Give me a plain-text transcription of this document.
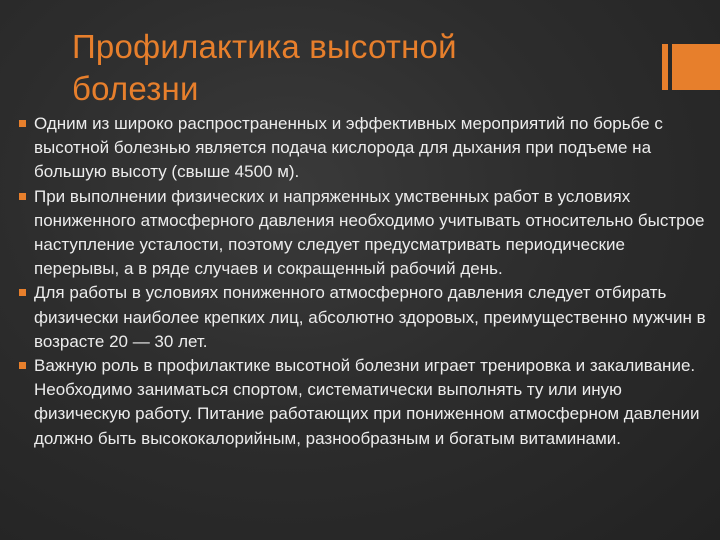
Профилактика высотной
болезни

Одним из широко распространенных и эффективных мероприятий по борьбе с высотной болезнью является подача кислорода для дыхания при подъеме на большую высоту (свыше 4500 м).

При выполнении физических и напряженных умственных работ в условиях пониженного атмосферного давления необходимо учитывать относительно быстрое наступление усталости, поэтому следует предусматривать периодические перерывы, а в ряде случаев и сокращенный рабочий день.

Для работы в условиях пониженного атмосферного давления следует отбирать физически наиболее крепких лиц, абсолютно здоровых, преимущественно мужчин в возрасте 20 — 30 лет.

Важную роль в профилактике высотной болезни играет тренировка и закаливание. Необходимо заниматься спортом, систематически выполнять ту или иную физическую работу. Питание работающих при пониженном атмосферном давлении должно быть высококалорийным, разнообразным и богатым витаминами.
